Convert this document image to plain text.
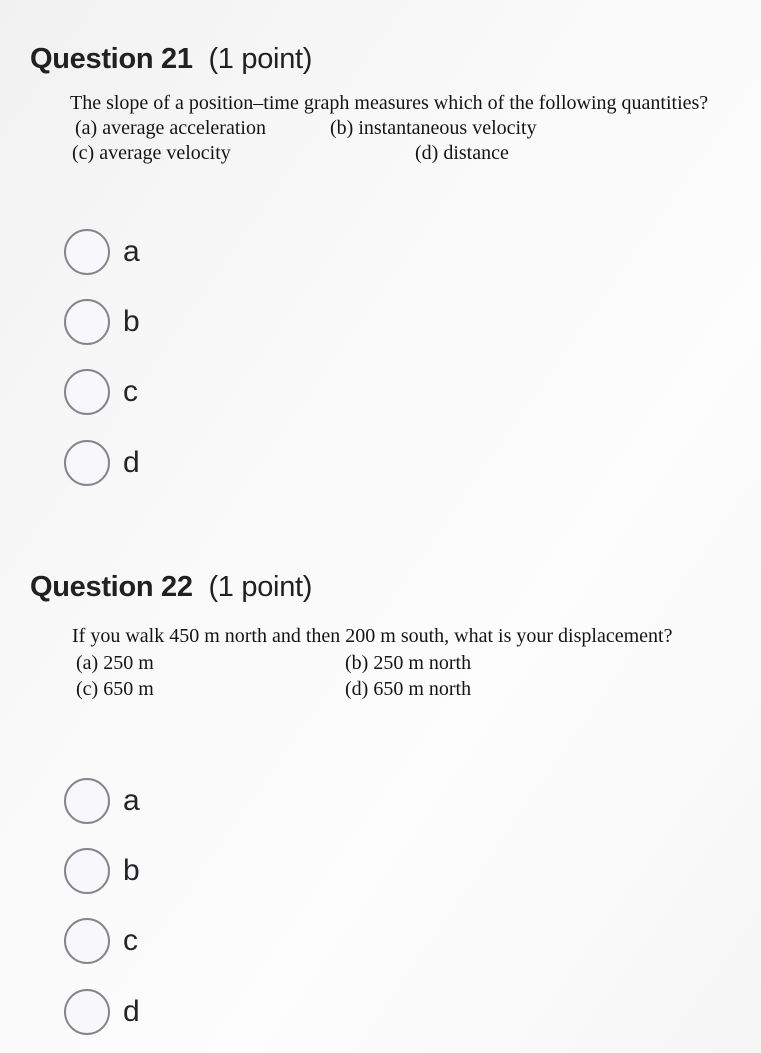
Question 21 (1 point)
The slope of a position–time graph measures which of the following quantities?
(a) average acceleration	(b) instantaneous velocity
(c) average velocity	(d) distance
a
b
c
d
Question 22 (1 point)
If you walk 450 m north and then 200 m south, what is your displacement?
(a) 250 m	(b) 250 m north
(c) 650 m	(d) 650 m north
a
b
c
d
